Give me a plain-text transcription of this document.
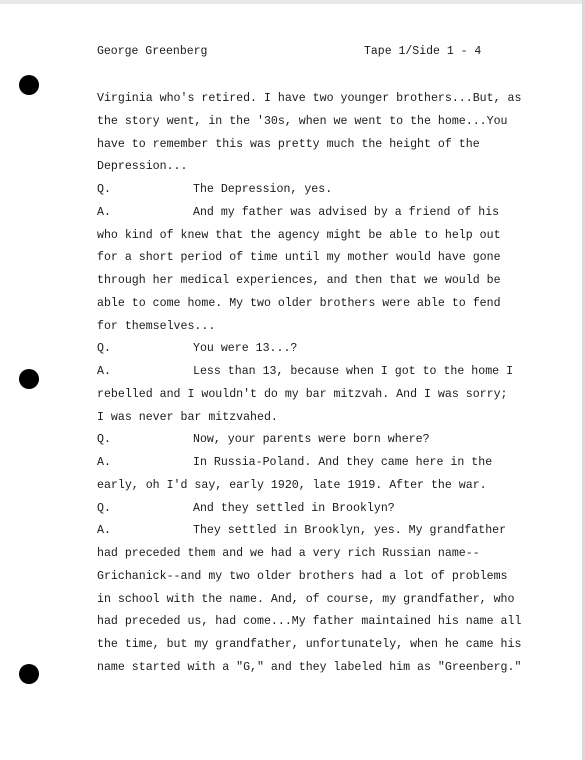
George Greenberg	Tape 1/Side 1 - 4
Virginia who's retired. I have two younger brothers...But, as
the story went, in the '30s, when we went to the home...You
have to remember this was pretty much the height of the
Depression...
Q.	The Depression, yes.
A.	And my father was advised by a friend of his
who kind of knew that the agency might be able to help out
for a short period of time until my mother would have gone
through her medical experiences, and then that we would be
able to come home. My two older brothers were able to fend
for themselves...
Q.	You were 13...?
A.	Less than 13, because when I got to the home I
rebelled and I wouldn't do my bar mitzvah. And I was sorry;
I was never bar mitzvahed.
Q.	Now, your parents were born where?
A.	In Russia-Poland. And they came here in the
early, oh I'd say, early 1920, late 1919. After the war.
Q.	And they settled in Brooklyn?
A.	They settled in Brooklyn, yes. My grandfather
had preceded them and we had a very rich Russian name--
Grichanick--and my two older brothers had a lot of problems
in school with the name. And, of course, my grandfather, who
had preceded us, had come...My father maintained his name all
the time, but my grandfather, unfortunately, when he came his
name started with a "G," and they labeled him as "Greenberg."
